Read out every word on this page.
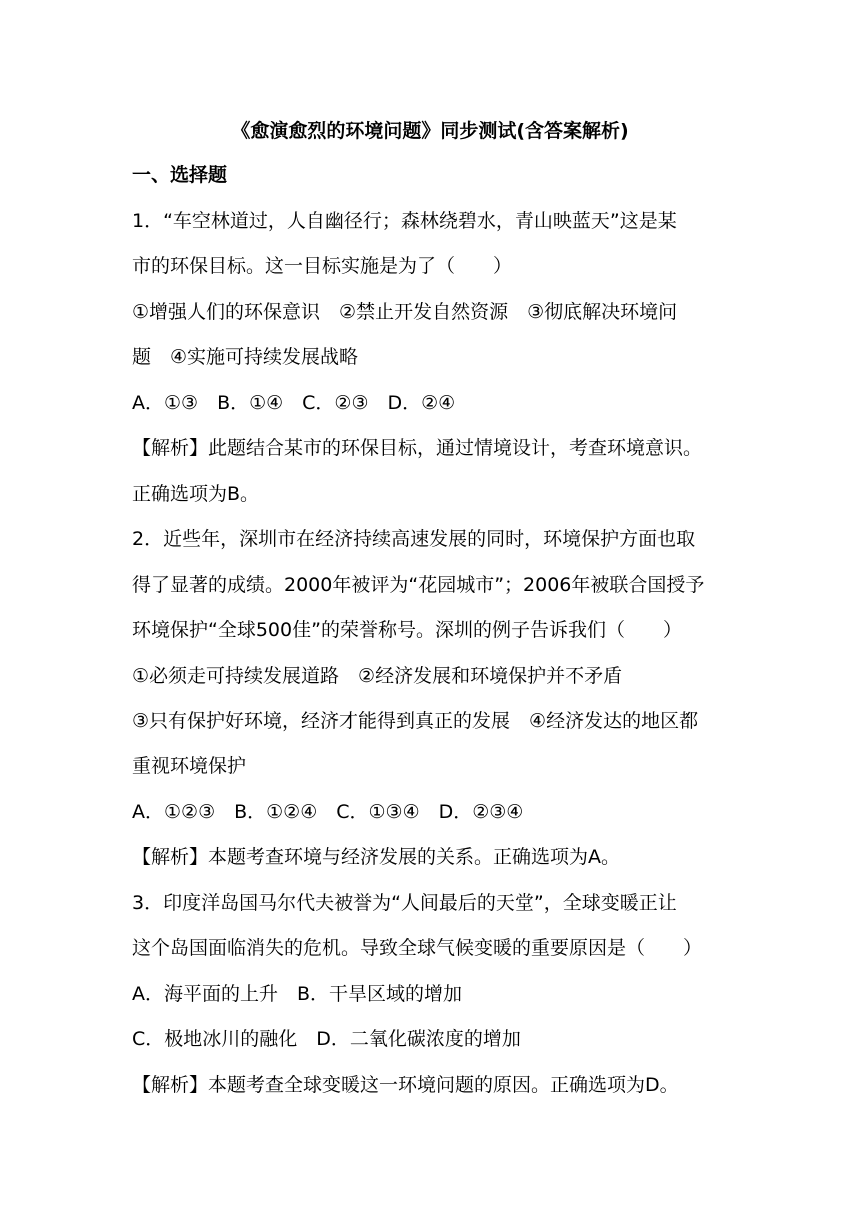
《愈演愈烈的环境问题》同步测试(含答案解析)
一、选择题
1．“车空林道过，人自幽径行；森林绕碧水，青山映蓝天”这是某
市的环保目标。这一目标实施是为了（　　）
①增强人们的环保意识　②禁止开发自然资源　③彻底解决环境问
题　④实施可持续发展战略
A．①③　B．①④　C．②③　D．②④
【解析】此题结合某市的环保目标，通过情境设计，考查环境意识。
正确选项为B。
2．近些年，深圳市在经济持续高速发展的同时，环境保护方面也取
得了显著的成绩。2000年被评为“花园城市”；2006年被联合国授予
环境保护“全球500佳”的荣誉称号。深圳的例子告诉我们（　　）
①必须走可持续发展道路　②经济发展和环境保护并不矛盾
③只有保护好环境，经济才能得到真正的发展　④经济发达的地区都
重视环境保护
A．①②③　B．①②④　C．①③④　D．②③④
【解析】本题考查环境与经济发展的关系。正确选项为A。
3．印度洋岛国马尔代夫被誉为“人间最后的天堂”，全球变暖正让
这个岛国面临消失的危机。导致全球气候变暖的重要原因是（　　）
A．海平面的上升　B．干旱区域的增加
C．极地冰川的融化　D．二氧化碳浓度的增加
【解析】本题考查全球变暖这一环境问题的原因。正确选项为D。
